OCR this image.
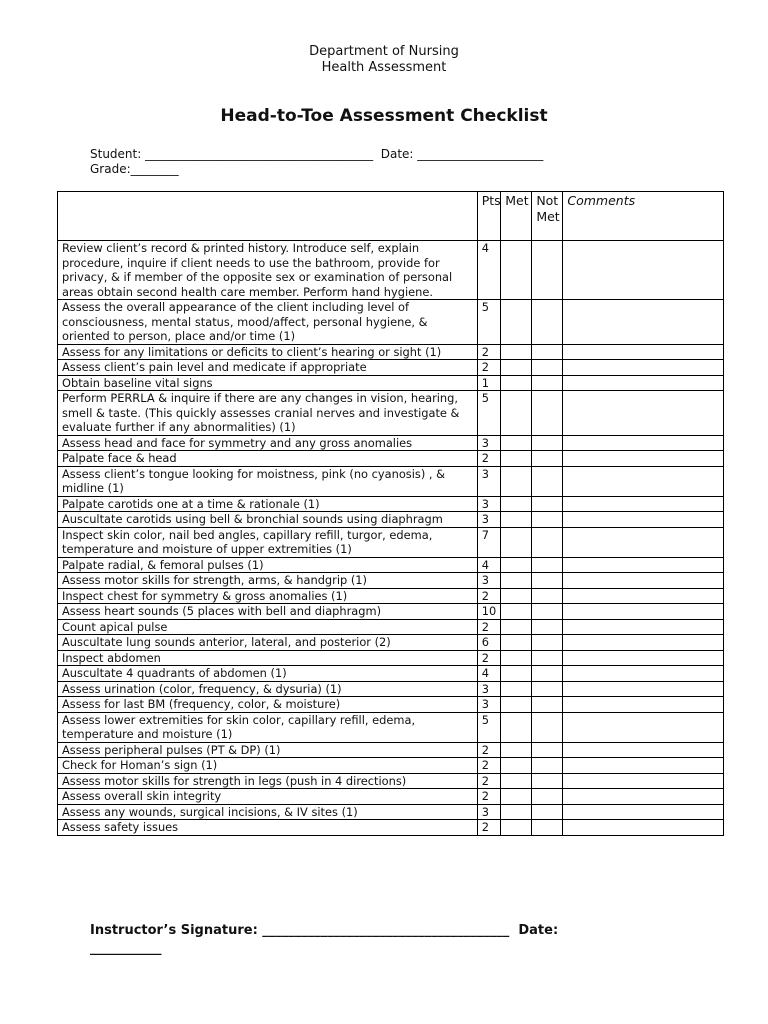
Department of Nursing
Health Assessment
Head-to-Toe Assessment Checklist
Student: ______________________________________  Date: _____________________
Grade:________
	Pts	Met	Not Met	Comments
Review client’s record & printed history. Introduce self, explain procedure, inquire if client needs to use the bathroom, provide for privacy, & if member of the opposite sex or examination of personal areas obtain second health care member. Perform hand hygiene.	4			
Assess the overall appearance of the client including level of consciousness, mental status, mood/affect, personal hygiene, & oriented to person, place and/or time (1)	5			
Assess for any limitations or deficits to client’s hearing or sight (1)	2			
Assess client’s pain level and medicate if appropriate	2			
Obtain baseline vital signs	1			
Perform PERRLA & inquire if there are any changes in vision, hearing, smell & taste. (This quickly assesses cranial nerves and investigate & evaluate further if any abnormalities) (1)	5			
Assess head and face for symmetry and any gross anomalies	3			
Palpate face & head	2			
Assess client’s tongue looking for moistness, pink (no cyanosis) , & midline (1)	3			
Palpate carotids one at a time & rationale (1)	3			
Auscultate carotids using bell & bronchial sounds using diaphragm	3			
Inspect skin color, nail bed angles, capillary refill, turgor, edema, temperature and moisture of upper extremities (1)	7			
Palpate radial, & femoral pulses (1)	4			
Assess motor skills for strength, arms, & handgrip (1)	3			
Inspect chest for symmetry & gross anomalies (1)	2			
Assess heart sounds (5 places with bell and diaphragm)	10			
Count apical pulse	2			
Auscultate lung sounds anterior, lateral, and posterior (2)	6			
Inspect abdomen	2			
Auscultate 4 quadrants of abdomen (1)	4			
Assess urination (color, frequency, & dysuria) (1)	3			
Assess for last BM (frequency, color, & moisture)	3			
Assess lower extremities for skin color, capillary refill, edema, temperature and moisture (1)	5			
Assess peripheral pulses (PT & DP) (1)	2			
Check for Homan’s sign (1)	2			
Assess motor skills for strength in legs (push in 4 directions)	2			
Assess overall skin integrity	2			
Assess any wounds, surgical incisions, & IV sites (1)	3			
Assess safety issues	2			
Instructor’s Signature: ______________________________________  Date:
___________
